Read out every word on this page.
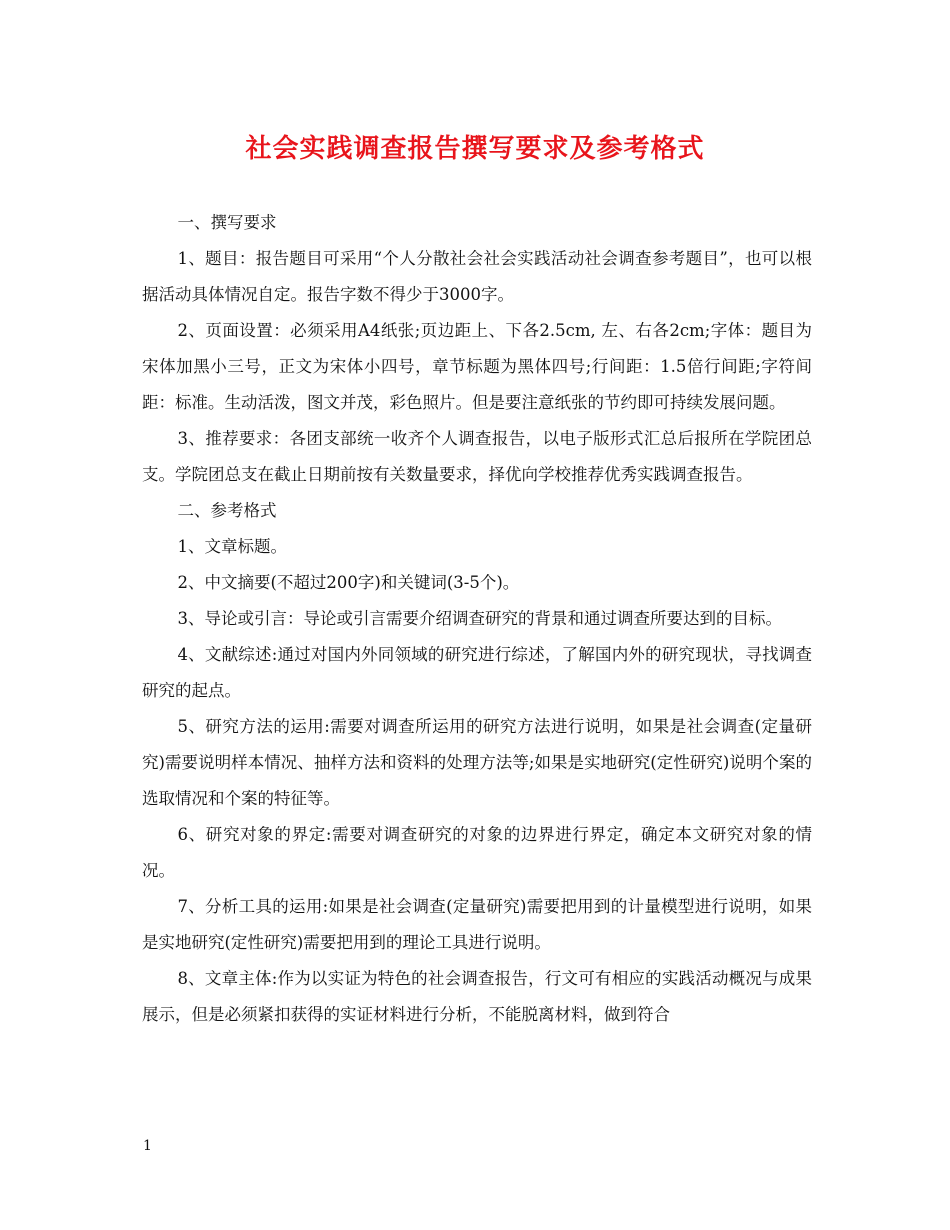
社会实践调查报告撰写要求及参考格式

一、撰写要求

1、题目：报告题目可采用“个人分散社会社会实践活动社会调查参考题目”，也可以根据活动具体情况自定。报告字数不得少于3000字。

2、页面设置：必须采用A4纸张;页边距上、下各2.5cm, 左、右各2cm;字体：题目为宋体加黑小三号，正文为宋体小四号，章节标题为黑体四号;行间距：1.5倍行间距;字符间距：标准。生动活泼，图文并茂，彩色照片。但是要注意纸张的节约即可持续发展问题。

3、推荐要求：各团支部统一收齐个人调查报告，以电子版形式汇总后报所在学院团总支。学院团总支在截止日期前按有关数量要求，择优向学校推荐优秀实践调查报告。

二、参考格式

1、文章标题。

2、中文摘要(不超过200字)和关键词(3-5个)。

3、导论或引言：导论或引言需要介绍调查研究的背景和通过调查所要达到的目标。

4、文献综述:通过对国内外同领域的研究进行综述，了解国内外的研究现状，寻找调查研究的起点。

5、研究方法的运用:需要对调查所运用的研究方法进行说明，如果是社会调查(定量研究)需要说明样本情况、抽样方法和资料的处理方法等;如果是实地研究(定性研究)说明个案的选取情况和个案的特征等。

6、研究对象的界定:需要对调查研究的对象的边界进行界定，确定本文研究对象的情况。

7、分析工具的运用:如果是社会调查(定量研究)需要把用到的计量模型进行说明，如果是实地研究(定性研究)需要把用到的理论工具进行说明。

8、文章主体:作为以实证为特色的社会调查报告，行文可有相应的实践活动概况与成果展示，但是必须紧扣获得的实证材料进行分析，不能脱离材料，做到符合

1
